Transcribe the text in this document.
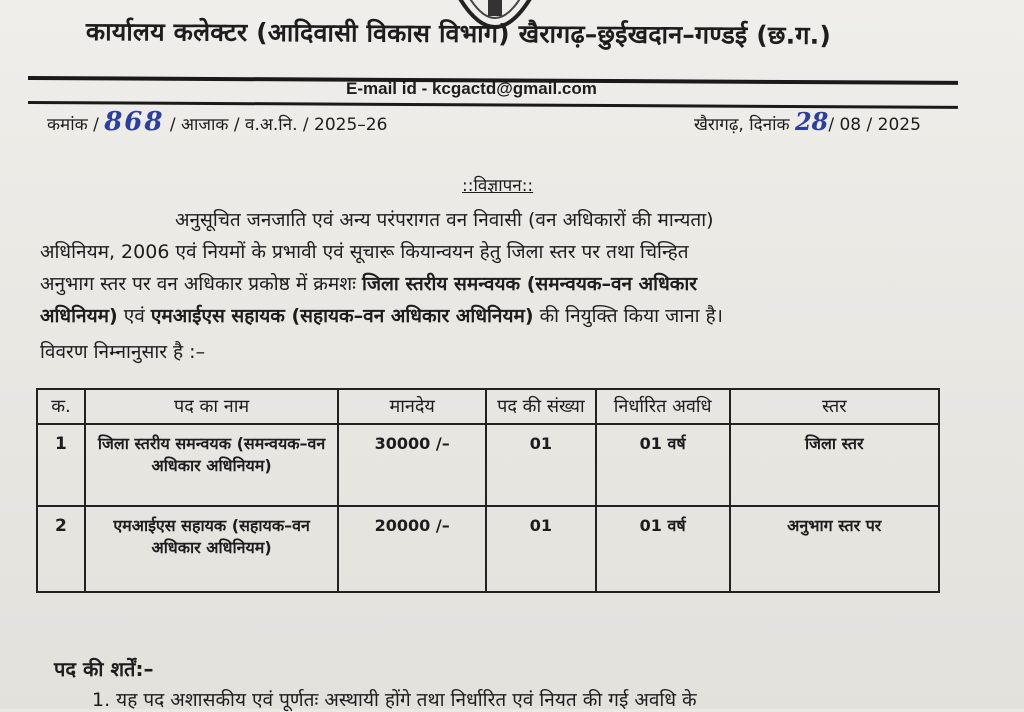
कार्यालय कलेक्टर (आदिवासी विकास विभाग) खैरागढ़–छुईखदान–गण्डई (छ.ग.)
E-mail id - kcgactd@gmail.com
कमांक / 868 / आजाक / व.अ.नि. / 2025–26	खैरागढ़, दिनांक 28/ 08 / 2025
::विज्ञापन::
अनुसूचित जनजाति एवं अन्य परंपरागत वन निवासी (वन अधिकारों की मान्यता)
अधिनियम, 2006 एवं नियमों के प्रभावी एवं सूचारू कियान्वयन हेतु जिला स्तर पर तथा चिन्हित
अनुभाग स्तर पर वन अधिकार प्रकोष्ठ में क्रमशः जिला स्तरीय समन्वयक (समन्वयक–वन अधिकार
अधिनियम) एवं एमआईएस सहायक (सहायक–वन अधिकार अधिनियम) की नियुक्ति किया जाना है।
विवरण निम्नानुसार है :–
क.	पद का नाम	मानदेय	पद की संख्या	निर्धारित अवधि	स्तर
1	जिला स्तरीय समन्वयक (समन्वयक–वन अधिकार अधिनियम)	30000 /–	01	01 वर्ष	जिला स्तर
2	एमआईएस सहायक (सहायक–वन अधिकार अधिनियम)	20000 /–	01	01 वर्ष	अनुभाग स्तर पर
पद की शर्तें:–
1. यह पद अशासकीय एवं पूर्णतः अस्थायी होंगे तथा निर्धारित एवं नियत की गई अवधि के
